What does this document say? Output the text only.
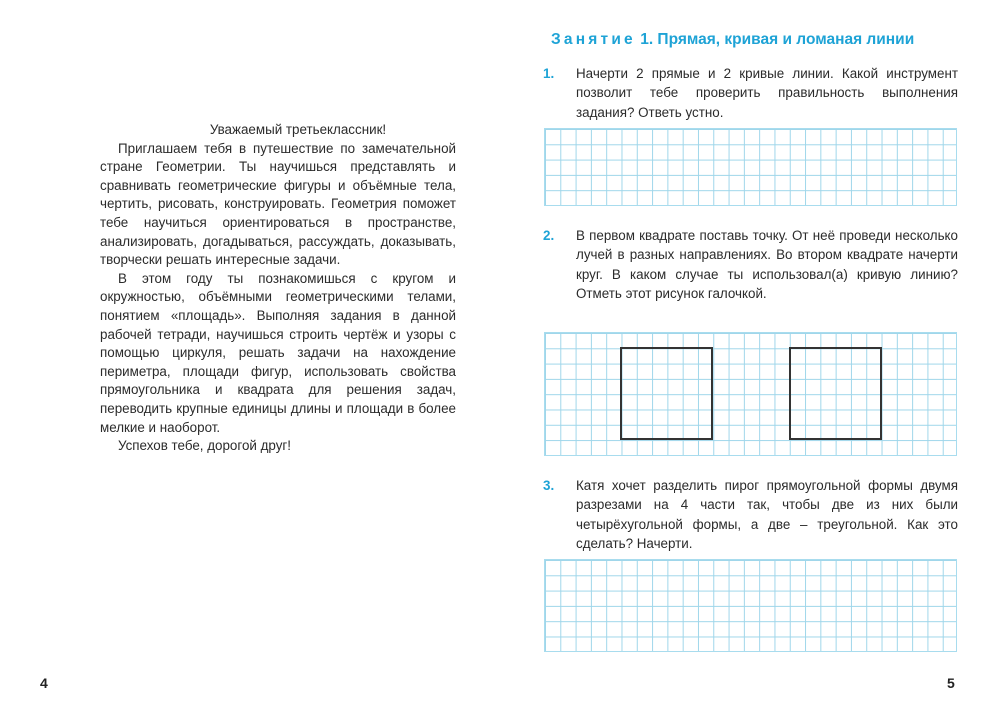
Уважаемый третьеклассник!

Приглашаем тебя в путешествие по замечательной стране Геометрии. Ты научишься представлять и сравнивать геометрические фигуры и объёмные тела, чертить, рисовать, конструировать. Геометрия поможет тебе научиться ориентироваться в пространстве, анализировать, догадываться, рассуждать, доказывать, творчески решать интересные задачи.

В этом году ты познакомишься с кругом и окружностью, объёмными геометрическими телами, понятием «площадь». Выполняя задания в данной рабочей тетради, научишься строить чертёж и узоры с помощью циркуля, решать задачи на нахождение периметра, площади фигур, использовать свойства прямоугольника и квадрата для решения задач, переводить крупные единицы длины и площади в более мелкие и наоборот.

Успехов тебе, дорогой друг!

4
Занятие 1. Прямая, кривая и ломаная линии
1. Начерти 2 прямые и 2 кривые линии. Какой инструмент позволит тебе проверить правильность выполнения задания? Ответь устно.
2. В первом квадрате поставь точку. От неё проведи несколько лучей в разных направлениях. Во втором квадрате начерти круг. В каком случае ты использовал(а) кривую линию? Отметь этот рисунок галочкой.
3. Катя хочет разделить пирог прямоугольной формы двумя разрезами на 4 части так, чтобы две из них были четырёхугольной формы, а две – треугольной. Как это сделать? Начерти.
5
